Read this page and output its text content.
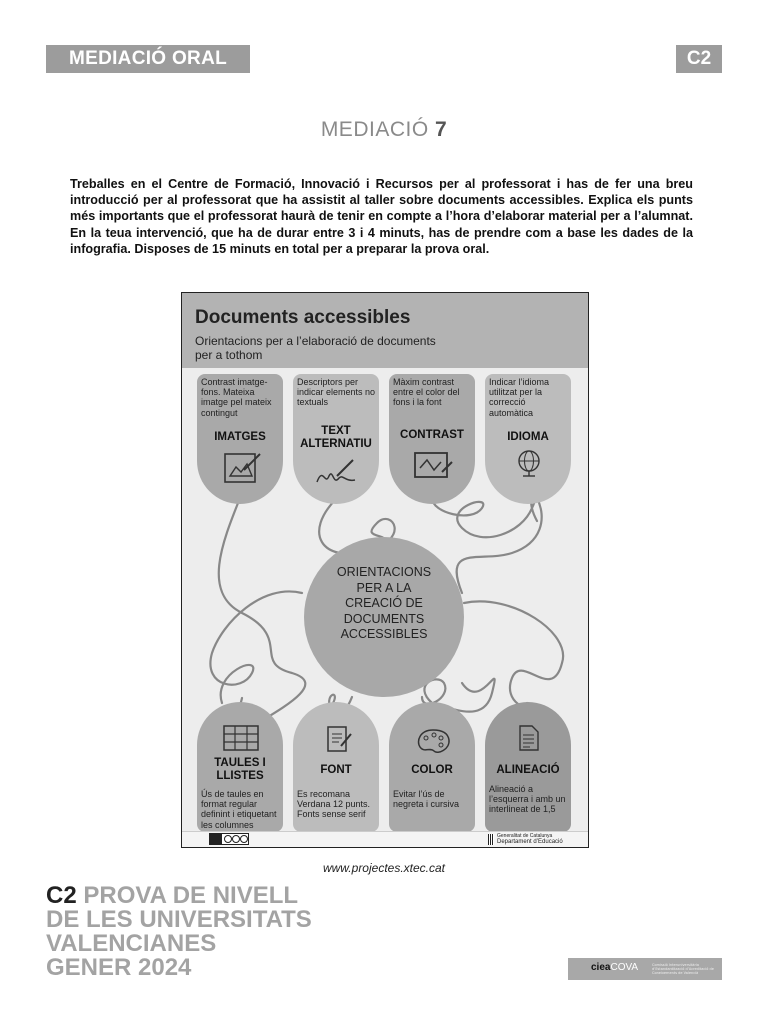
MEDIACIÓ ORAL	C2
MEDIACIÓ 7
Treballes en el Centre de Formació, Innovació i Recursos per al professorat i has de fer una breu introducció per al professorat que ha assistit al taller sobre documents accessibles. Explica els punts més importants que el professorat haurà de tenir en compte a l’hora d’elaborar material per a l’alumnat. En la teua intervenció, que ha de durar entre 3 i 4 minuts, has de prendre com a base les dades de la infografia. Disposes de 15 minuts en total per a preparar la prova oral.
Documents accessibles
Orientacions per a l’elaboració de documents per a tothom
Contrast imatge-fons. Mateixa imatge pel mateix contingut
IMATGES
Descriptors per indicar elements no textuals
TEXT ALTERNATIU
Màxim contrast entre el color del fons i la font
CONTRAST
Indicar l’idioma utilitzat per la correcció automàtica
IDIOMA
ORIENTACIONS
PER A LA
CREACIÓ DE
DOCUMENTS
ACCESSIBLES
TAULES I LLISTES
Ús de taules en format regular definint i etiquetant les columnes
FONT
Es recomana Verdana 12 punts. Fonts sense serif
COLOR
Evitar l’ús de negreta i cursiva
ALINEACIÓ
Alineació a l’esquerra i amb un interlineat de 1,5
Generalitat de Catalunya
Departament d’Educació
www.projectes.xtec.cat
C2 PROVA DE NIVELL
DE LES UNIVERSITATS
VALENCIANES
GENER 2024	cieaCOVA	Comissió Interuniversitària d’Estandardització d’Acreditació de Coneixements de Valencià
